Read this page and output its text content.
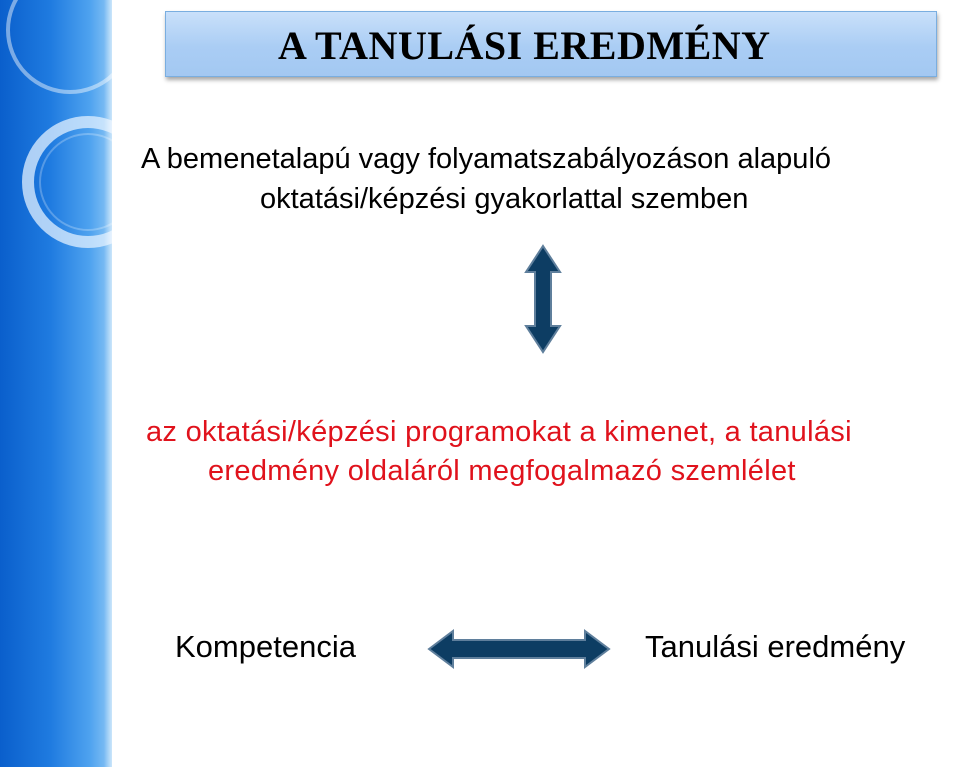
A TANULÁSI EREDMÉNY

A bemenetalapú vagy folyamatszabályozáson alapuló

oktatási/képzési gyakorlattal szemben

az oktatási/képzési programokat a kimenet, a tanulási

eredmény oldaláról megfogalmazó szemlélet

Kompetencia	Tanulási eredmény
